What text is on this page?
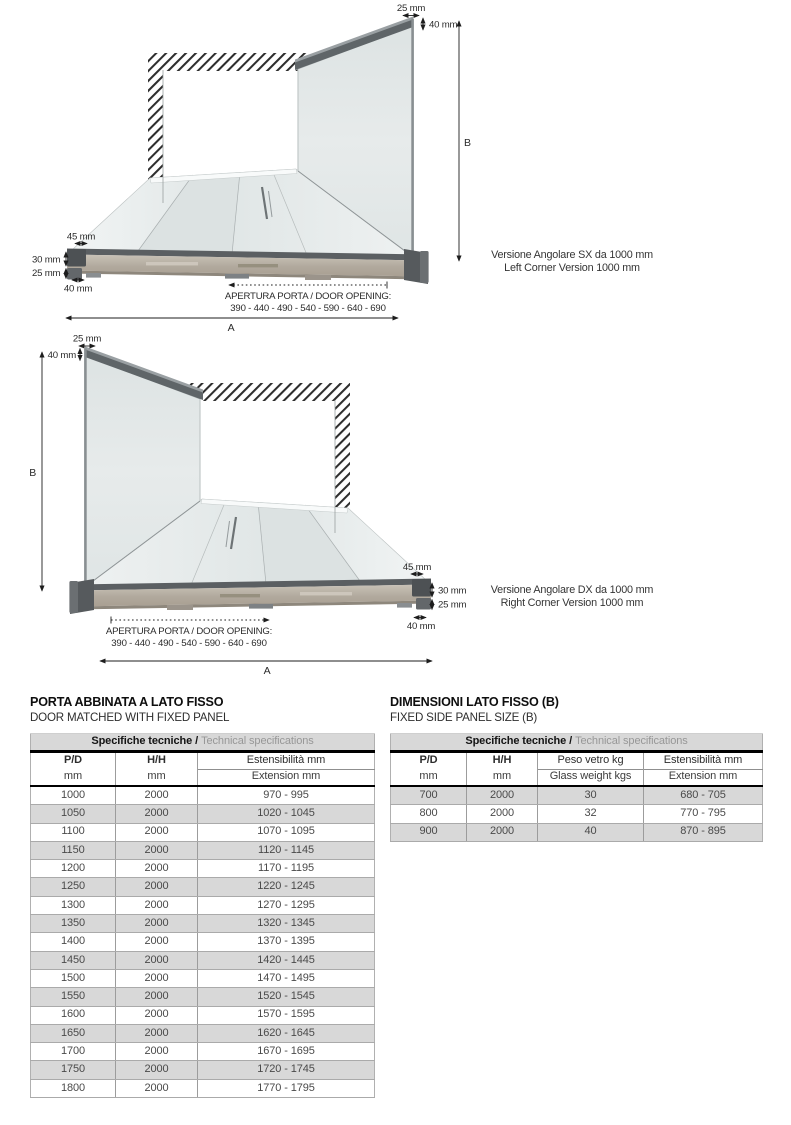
25 mm
40 mm
B
45 mm
30 mm
25 mm
40 mm
APERTURA PORTA / DOOR OPENING:
390 - 440 - 490 - 540 - 590 - 640 - 690
A
Versione Angolare SX da 1000 mm
Left Corner Version 1000 mm
25 mm
40 mm
B
45 mm
30 mm
25 mm
40 mm
APERTURA PORTA / DOOR OPENING:
390 - 440 - 490 - 540 - 590 - 640 - 690
A
Versione Angolare DX da 1000 mm
Right Corner Version 1000 mm
PORTA ABBINATA A LATO FISSO
DOOR MATCHED WITH FIXED PANEL
DIMENSIONI LATO FISSO (B)
FIXED SIDE PANEL SIZE (B)
Specifiche tecniche / Technical specifications		
P/D	H/H	Estensibilità mm
mm	mm	Extension mm
1000	2000	970 - 995
1050	2000	1020 - 1045
1100	2000	1070 - 1095
1150	2000	1120 - 1145
1200	2000	1170 - 1195
1250	2000	1220 - 1245
1300	2000	1270 - 1295
1350	2000	1320 - 1345
1400	2000	1370 - 1395
1450	2000	1420 - 1445
1500	2000	1470 - 1495
1550	2000	1520 - 1545
1600	2000	1570 - 1595
1650	2000	1620 - 1645
1700	2000	1670 - 1695
1750	2000	1720 - 1745
1800	2000	1770 - 1795
Specifiche tecniche / Technical specifications			
P/D	H/H	Peso vetro kg	Estensibilità mm
mm	mm	Glass weight kgs	Extension mm
700	2000	30	680 - 705
800	2000	32	770 - 795
900	2000	40	870 - 895
